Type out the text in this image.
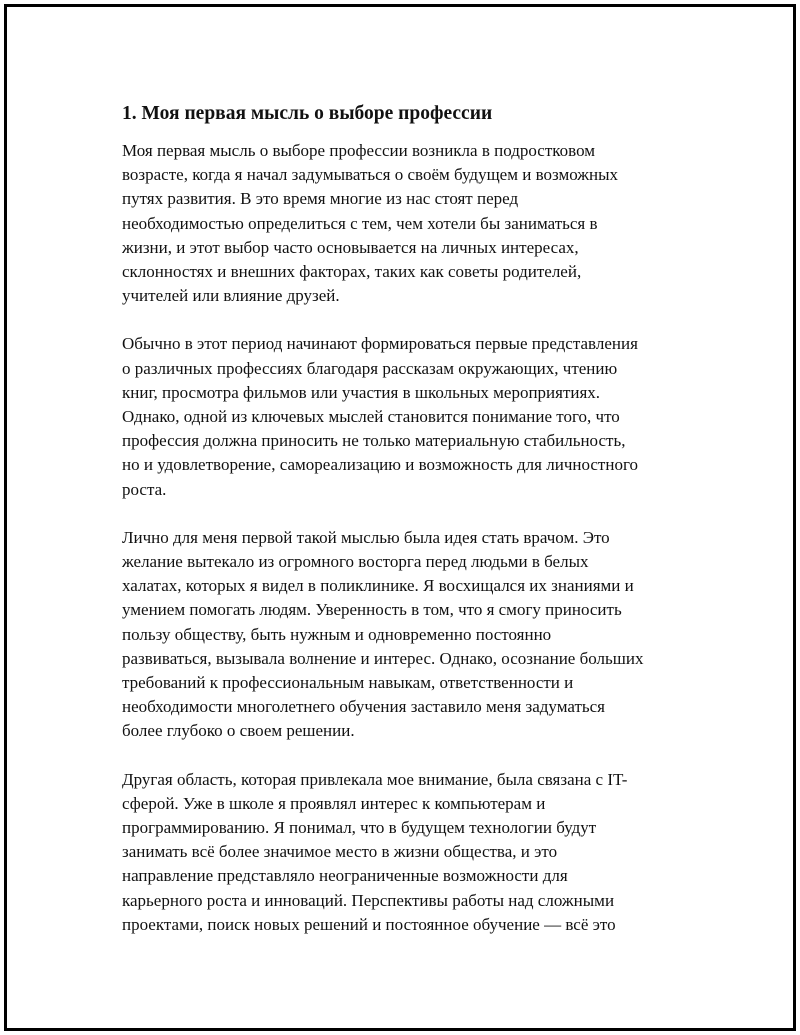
1. Моя первая мысль о выборе профессии
Моя первая мысль о выборе профессии возникла в подростковом
возрасте, когда я начал задумываться о своём будущем и возможных
путях развития. В это время многие из нас стоят перед
необходимостью определиться с тем, чем хотели бы заниматься в
жизни, и этот выбор часто основывается на личных интересах,
склонностях и внешних факторах, таких как советы родителей,
учителей или влияние друзей.
Обычно в этот период начинают формироваться первые представления
о различных профессиях благодаря рассказам окружающих, чтению
книг, просмотра фильмов или участия в школьных мероприятиях.
Однако, одной из ключевых мыслей становится понимание того, что
профессия должна приносить не только материальную стабильность,
но и удовлетворение, самореализацию и возможность для личностного
роста.
Лично для меня первой такой мыслью была идея стать врачом. Это
желание вытекало из огромного восторга перед людьми в белых
халатах, которых я видел в поликлинике. Я восхищался их знаниями и
умением помогать людям. Уверенность в том, что я смогу приносить
пользу обществу, быть нужным и одновременно постоянно
развиваться, вызывала волнение и интерес. Однако, осознание больших
требований к профессиональным навыкам, ответственности и
необходимости многолетнего обучения заставило меня задуматься
более глубоко о своем решении.
Другая область, которая привлекала мое внимание, была связана с IT-
сферой. Уже в школе я проявлял интерес к компьютерам и
программированию. Я понимал, что в будущем технологии будут
занимать всё более значимое место в жизни общества, и это
направление представляло неограниченные возможности для
карьерного роста и инноваций. Перспективы работы над сложными
проектами, поиск новых решений и постоянное обучение — всё это
